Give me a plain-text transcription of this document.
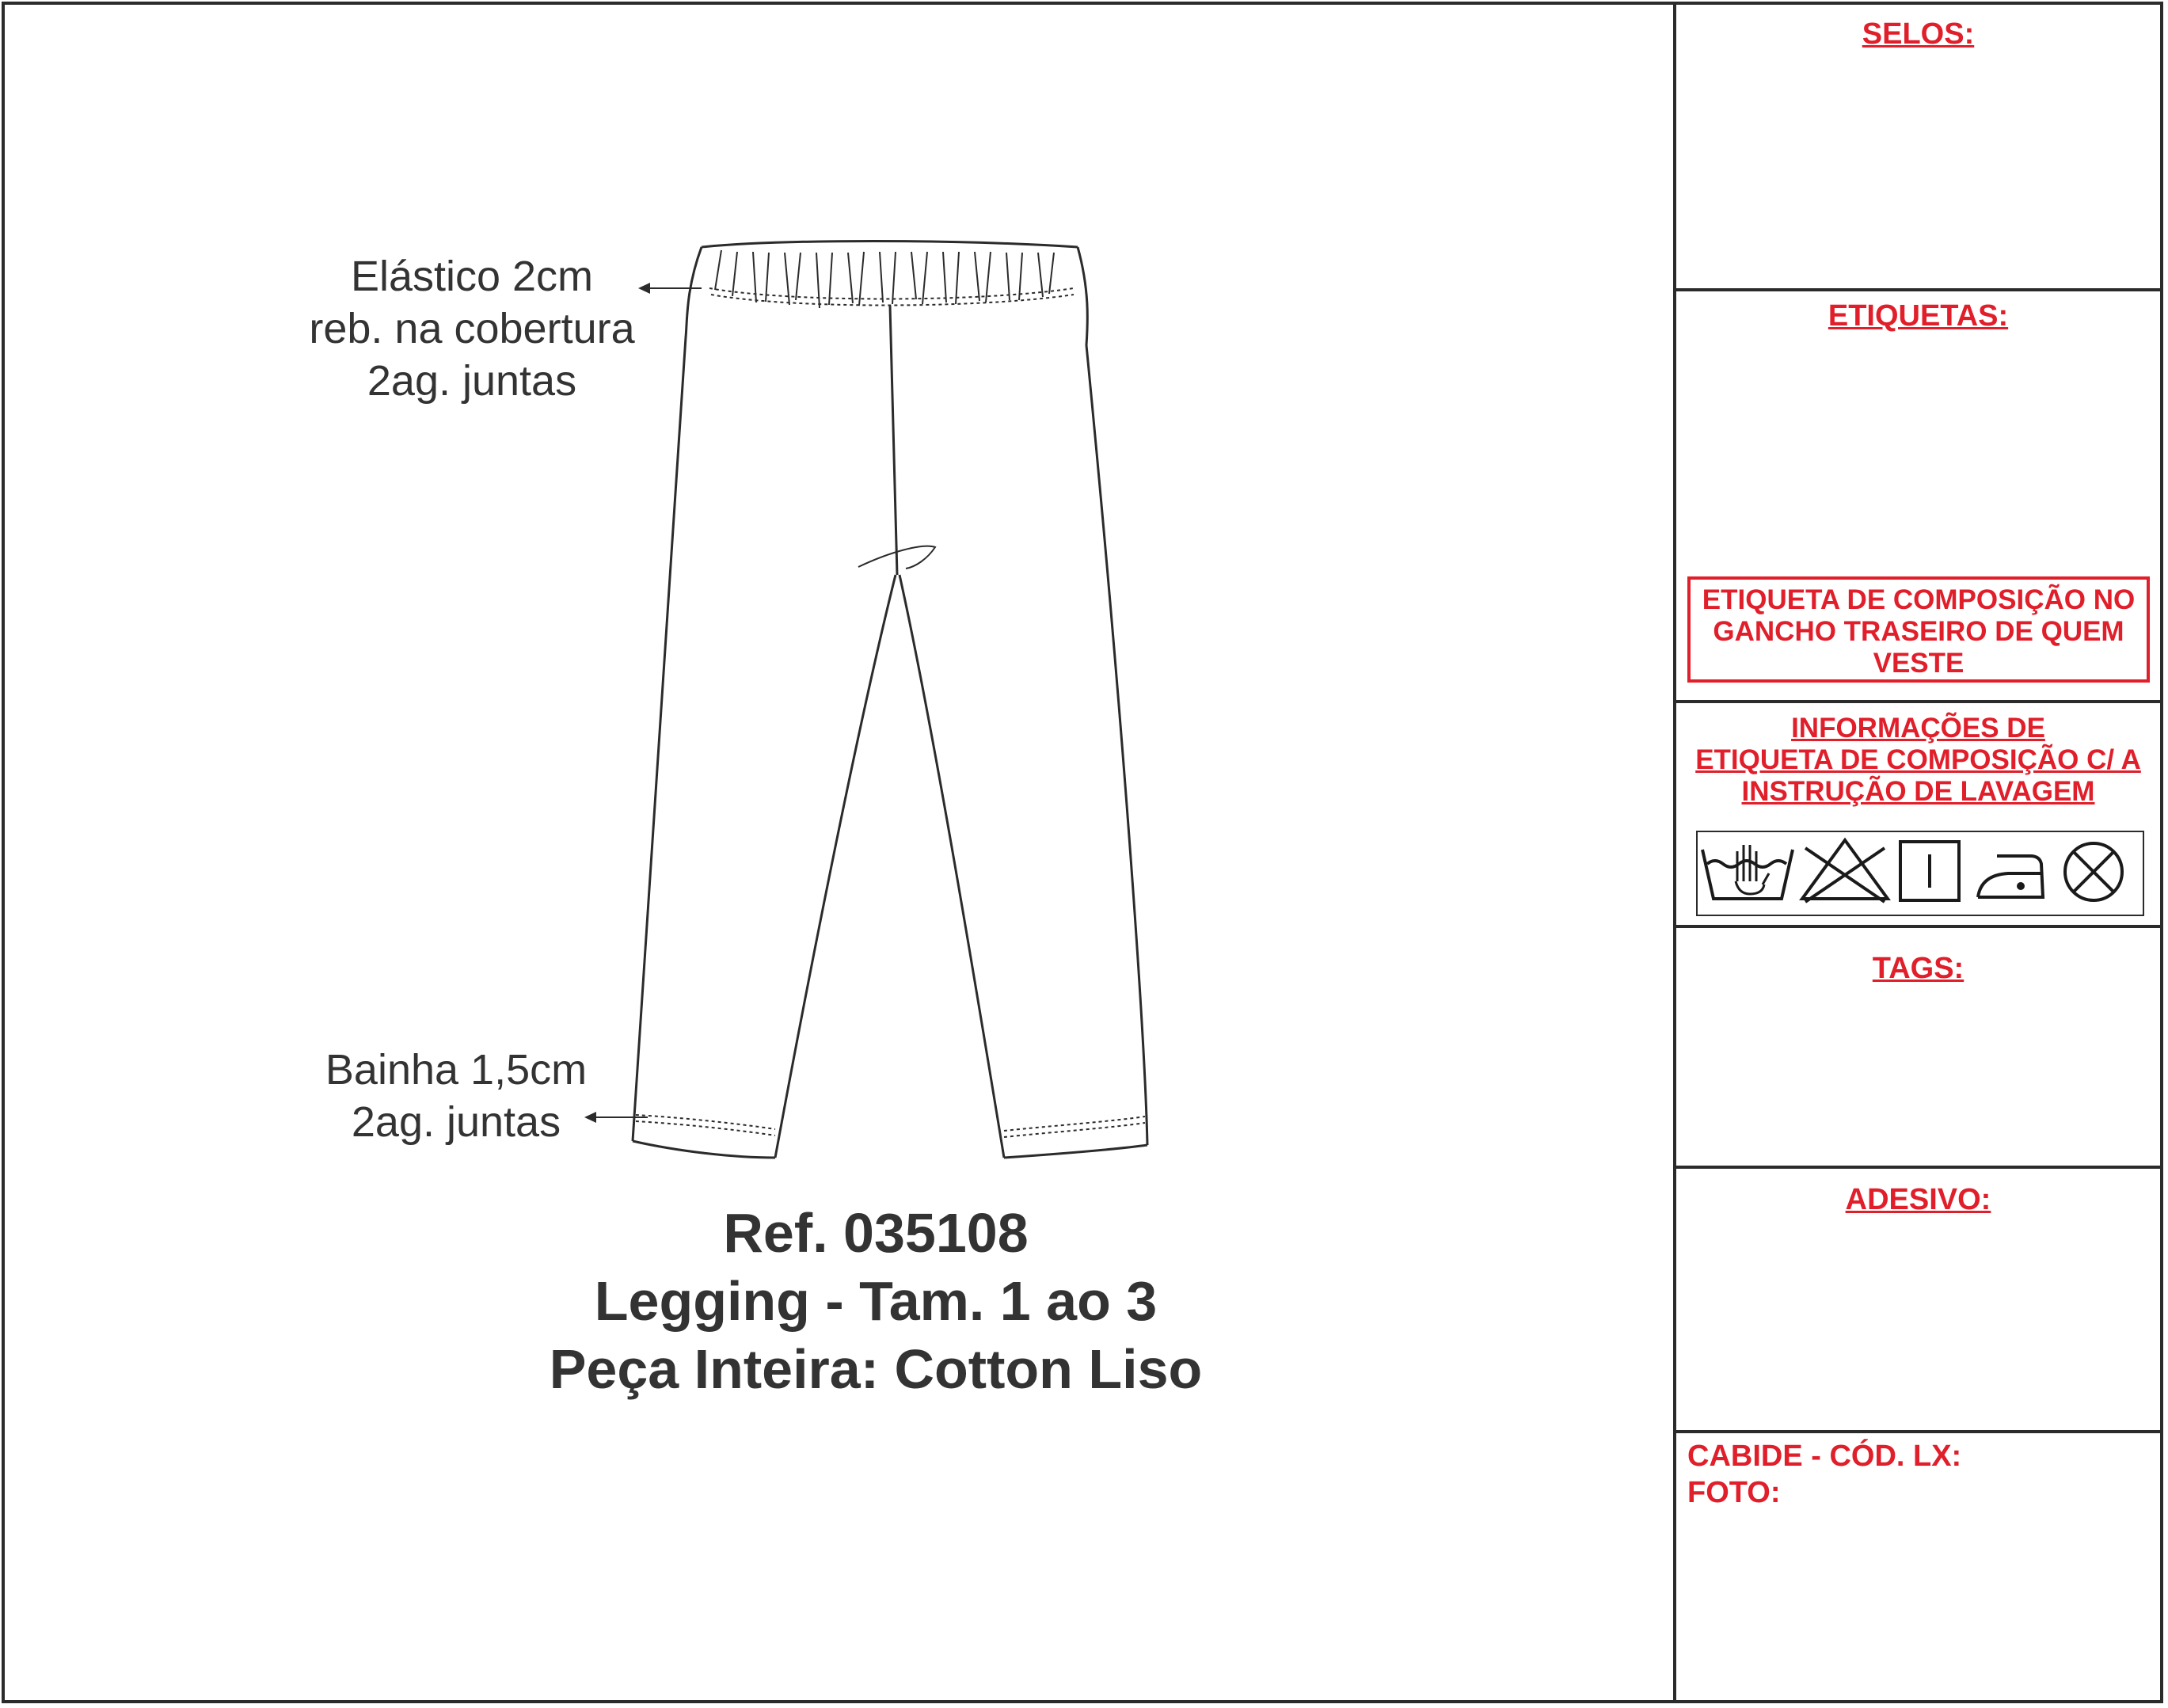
Elástico 2cm
reb. na cobertura
2ag. juntas
Bainha 1,5cm
2ag. juntas
Ref. 035108
Legging - Tam. 1 ao 3
Peça Inteira: Cotton Liso
SELOS:
ETIQUETAS:
ETIQUETA DE COMPOSIÇÃO NO
GANCHO TRASEIRO DE QUEM
VESTE
INFORMAÇÕES DE
ETIQUETA DE COMPOSIÇÃO C/ A
INSTRUÇÃO DE LAVAGEM
TAGS:
ADESIVO:
CABIDE - CÓD. LX:
FOTO:
